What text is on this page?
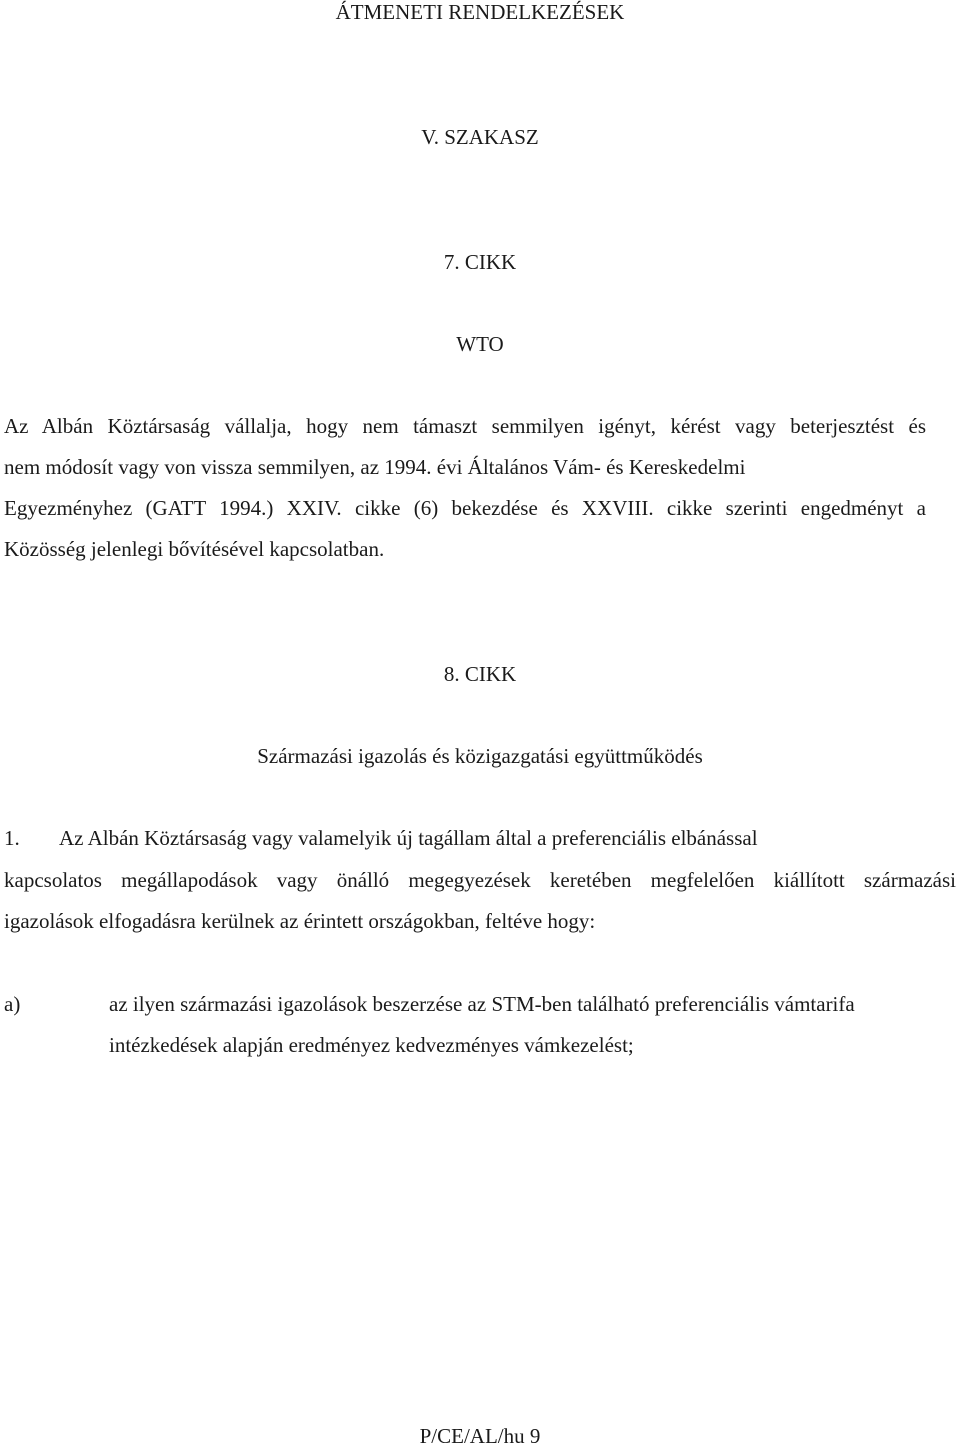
ÁTMENETI RENDELKEZÉSEK
V. SZAKASZ
7. CIKK
WTO
Az Albán Köztársaság vállalja, hogy nem támaszt semmilyen igényt, kérést vagy beterjesztést és
nem módosít vagy von vissza semmilyen, az 1994. évi Általános Vám- és Kereskedelmi
Egyezményhez (GATT 1994.) XXIV. cikke (6) bekezdése és XXVIII. cikke szerinti engedményt a
Közösség jelenlegi bővítésével kapcsolatban.
8. CIKK
Származási igazolás és közigazgatási együttműködés
1. Az Albán Köztársaság vagy valamelyik új tagállam által a preferenciális elbánással
kapcsolatos megállapodások vagy önálló megegyezések keretében megfelelően kiállított származási
igazolások elfogadásra kerülnek az érintett országokban, feltéve hogy:
a)	az ilyen származási igazolások beszerzése az STM-ben található preferenciális vámtarifa
intézkedések alapján eredményez kedvezményes vámkezelést;
P/CE/AL/hu 9
